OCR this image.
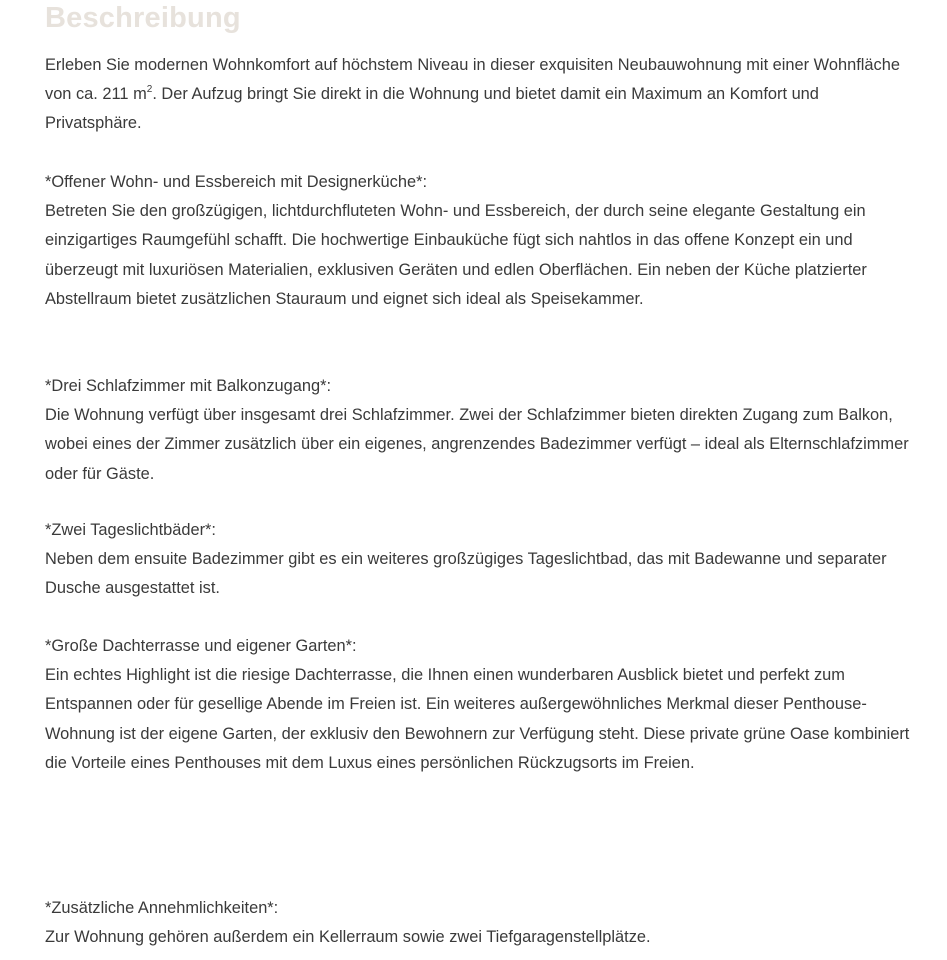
Beschreibung

Erleben Sie modernen Wohnkomfort auf höchstem Niveau in dieser exquisiten Neubauwohnung mit einer Wohnfläche von ca. 211 $m^2$. Der Aufzug bringt Sie direkt in die Wohnung und bietet damit ein Maximum an Komfort und Privatsphäre.

*Offener Wohn- und Essbereich mit Designerküche*:

Betreten Sie den großzügigen, lichtdurchfluteten Wohn- und Essbereich, der durch seine elegante Gestaltung ein einzigartiges Raumgefühl schafft. Die hochwertige Einbauküche fügt sich nahtlos in das offene Konzept ein und überzeugt mit luxuriösen Materialien, exklusiven Geräten und edlen Oberflächen. Ein neben der Küche platzierter Abstellraum bietet zusätzlichen Stauraum und eignet sich ideal als Speisekammer.

*Drei Schlafzimmer mit Balkonzugang*:

Die Wohnung verfügt über insgesamt drei Schlafzimmer. Zwei der Schlafzimmer bieten direkten Zugang zum Balkon, wobei eines der Zimmer zusätzlich über ein eigenes, angrenzendes Badezimmer verfügt – ideal als Elternschlafzimmer oder für Gäste.

*Zwei Tageslichtbäder*:

Neben dem ensuite Badezimmer gibt es ein weiteres großzügiges Tageslichtbad, das mit Badewanne und separater Dusche ausgestattet ist.

*Große Dachterrasse und eigener Garten*:

Ein echtes Highlight ist die riesige Dachterrasse, die Ihnen einen wunderbaren Ausblick bietet und perfekt zum Entspannen oder für gesellige Abende im Freien ist. Ein weiteres außergewöhnliches Merkmal dieser Penthouse-Wohnung ist der eigene Garten, der exklusiv den Bewohnern zur Verfügung steht. Diese private grüne Oase kombiniert die Vorteile eines Penthouses mit dem Luxus eines persönlichen Rückzugsorts im Freien.

*Zusätzliche Annehmlichkeiten*:

Zur Wohnung gehören außerdem ein Kellerraum sowie zwei Tiefgaragenstellplätze.
